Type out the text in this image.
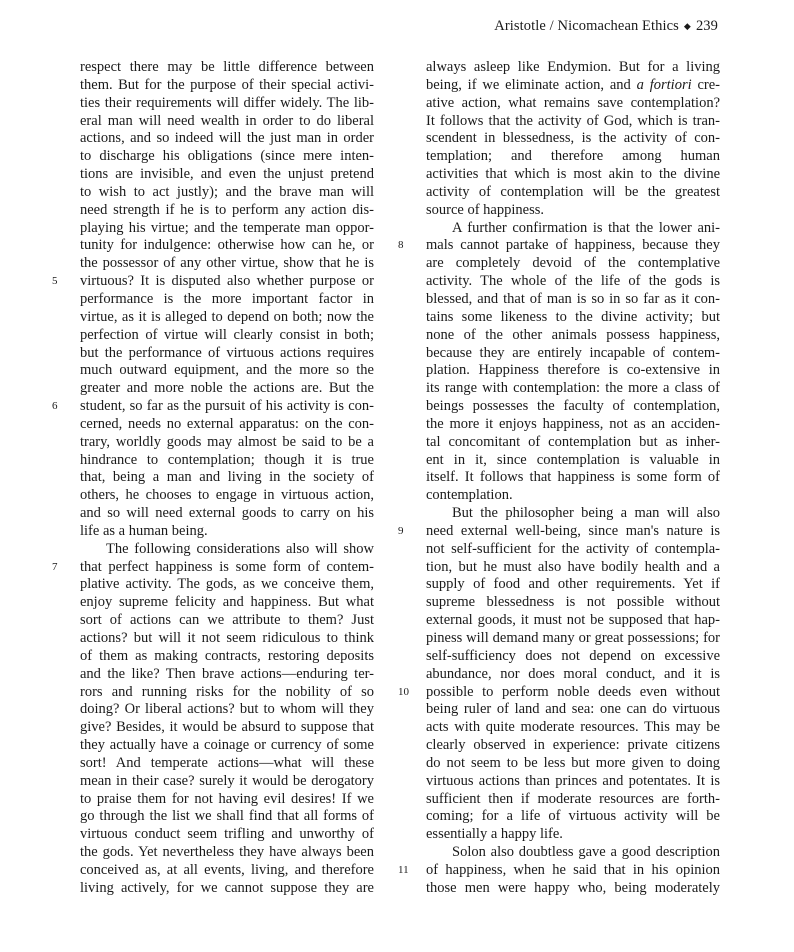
Aristotle / Nicomachean Ethics ◆ 239
respect there may be little difference between
them. But for the purpose of their special activi-
ties their requirements will differ widely. The lib-
eral man will need wealth in order to do liberal
actions, and so indeed will the just man in order
to discharge his obligations (since mere inten-
tions are invisible, and even the unjust pretend
to wish to act justly); and the brave man will
need strength if he is to perform any action dis-
playing his virtue; and the temperate man oppor-
tunity for indulgence: otherwise how can he, or
the possessor of any other virtue, show that he is
virtuous? It is disputed also whether purpose or
5
performance is the more important factor in
virtue, as it is alleged to depend on both; now the
perfection of virtue will clearly consist in both;
but the performance of virtuous actions requires
much outward equipment, and the more so the
greater and more noble the actions are. But the
student, so far as the pursuit of his activity is con-
6
cerned, needs no external apparatus: on the con-
trary, worldly goods may almost be said to be a
hindrance to contemplation; though it is true
that, being a man and living in the society of
others, he chooses to engage in virtuous action,
and so will need external goods to carry on his
life as a human being.
The following considerations also will show
that perfect happiness is some form of contem-
7
plative activity. The gods, as we conceive them,
enjoy supreme felicity and happiness. But what
sort of actions can we attribute to them? Just
actions? but will it not seem ridiculous to think
of them as making contracts, restoring deposits
and the like? Then brave actions—enduring ter-
rors and running risks for the nobility of so
doing? Or liberal actions? but to whom will they
give? Besides, it would be absurd to suppose that
they actually have a coinage or currency of some
sort! And temperate actions—what will these
mean in their case? surely it would be derogatory
to praise them for not having evil desires! If we
go through the list we shall find that all forms of
virtuous conduct seem trifling and unworthy of
the gods. Yet nevertheless they have always been
conceived as, at all events, living, and therefore
living actively, for we cannot suppose they are
always asleep like Endymion. But for a living
being, if we eliminate action, and a fortiori cre-
ative action, what remains save contemplation?
It follows that the activity of God, which is tran-
scendent in blessedness, is the activity of con-
templation; and therefore among human
activities that which is most akin to the divine
activity of contemplation will be the greatest
source of happiness.
A further confirmation is that the lower ani-
mals cannot partake of happiness, because they
8
are completely devoid of the contemplative
activity. The whole of the life of the gods is
blessed, and that of man is so in so far as it con-
tains some likeness to the divine activity; but
none of the other animals possess happiness,
because they are entirely incapable of contem-
plation. Happiness therefore is co-extensive in
its range with contemplation: the more a class of
beings possesses the faculty of contemplation,
the more it enjoys happiness, not as an acciden-
tal concomitant of contemplation but as inher-
ent in it, since contemplation is valuable in
itself. It follows that happiness is some form of
contemplation.
But the philosopher being a man will also
need external well-being, since man's nature is
9
not self-sufficient for the activity of contempla-
tion, but he must also have bodily health and a
supply of food and other requirements. Yet if
supreme blessedness is not possible without
external goods, it must not be supposed that hap-
piness will demand many or great possessions; for
self-sufficiency does not depend on excessive
abundance, nor does moral conduct, and it is
possible to perform noble deeds even without
10
being ruler of land and sea: one can do virtuous
acts with quite moderate resources. This may be
clearly observed in experience: private citizens
do not seem to be less but more given to doing
virtuous actions than princes and potentates. It is
sufficient then if moderate resources are forth-
coming; for a life of virtuous activity will be
essentially a happy life.
Solon also doubtless gave a good description
of happiness, when he said that in his opinion
11
those men were happy who, being moderately
